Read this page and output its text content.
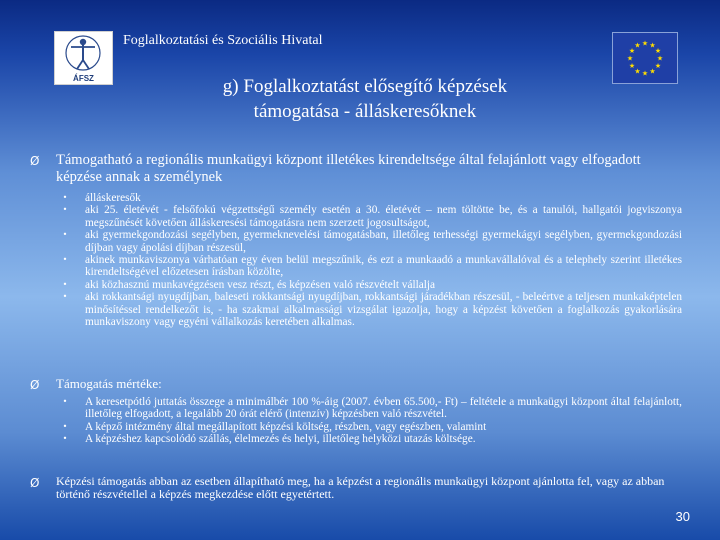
ÁFSZ
Foglalkoztatási és Szociális Hivatal	★ ★
★
★
★
★
★
★
★
★
★
★
g) Foglalkoztatást elősegítő képzések
támogatása - álláskeresőknek
Ø Támogatható a regionális munkaügyi központ illetékes kirendeltsége által felajánlott vagy elfogadott képzése annak a személynek
• álláskeresők
• aki 25. életévét - felsőfokú végzettségű személy esetén a 30. életévét – nem töltötte be, és a tanulói, hallgatói jogviszonya megszűnését követően álláskeresési támogatásra nem szerzett jogosultságot,
• aki gyermekgondozási segélyben, gyermeknevelési támogatásban, illetőleg terhességi gyermekágyi segélyben, gyermekgondozási díjban vagy ápolási díjban részesül,
• akinek munkaviszonya várhatóan egy éven belül megszűnik, és ezt a munkaadó a munkavállalóval és a telephely szerint illetékes kirendeltségével előzetesen írásban közölte,
• aki közhasznú munkavégzésen vesz részt, és képzésen való részvételt vállalja
• aki rokkantsági nyugdíjban, baleseti rokkantsági nyugdíjban, rokkantsági járadékban részesül, - beleértve a teljesen munkaképtelen minősítéssel rendelkezőt is, - ha szakmai alkalmassági vizsgálat igazolja, hogy a képzést követően a foglalkozás gyakorlására munkaviszony vagy egyéni vállalkozás keretében alkalmas.
Ø Támogatás mértéke:
• A keresetpótló juttatás összege a minimálbér 100 %-áig (2007. évben 65.500,- Ft) – feltétele a munkaügyi központ által felajánlott, illetőleg elfogadott, a legalább 20 órát elérő (intenzív) képzésben való részvétel.
• A képző intézmény által megállapított képzési költség, részben, vagy egészben, valamint
• A képzéshez kapcsolódó szállás, élelmezés és helyi, illetőleg helyközi utazás költsége.
Ø Képzési támogatás abban az esetben állapítható meg, ha a képzést a regionális munkaügyi központ ajánlotta fel, vagy az abban történő részvétellel a képzés megkezdése előtt egyetértett.
30
